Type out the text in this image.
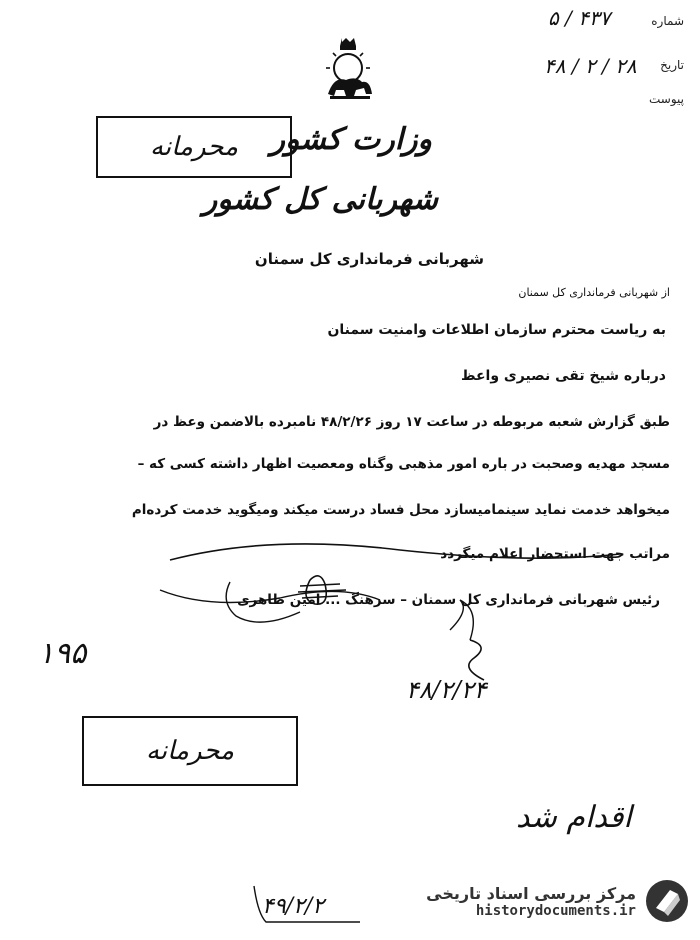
شماره
۵ / ۴۳۷
تاریخ
۴۸ / ۲ / ۲۸
پیوست
وزارت کشور
شهربانی کل کشور
محرمانه
شهربانی فرمانداری کل سمنان
از شهربانی فرمانداری کل سمنان
به ریاست محترم سازمان اطلاعات وامنیت سمنان
درباره شیخ تقی نصیری واعظ
طبق گزارش شعبه مربوطه در ساعت ۱۷ روز ۴۸/۲/۲۶ نامبرده بالاضمن وعظ در
مسجد مهدیه وصحبت در باره امور مذهبی وگناه ومعصیت اظهار داشته کسی که –
میخواهد خدمت نماید سینمامیسازد محل فساد درست میکند ومیگوید خدمت کرده‌ام
مراتب جهت استحضار اعلام میگردد
رئیس شهربانی فرمانداری کل سمنان – سرهنگ ... امین طاهری
۱۹۵
۴۸/۲/۲۴
محرمانه
اقدام شد
۴۹/۲/۲
مرکز بررسی اسناد تاریخی
historydocuments.ir
